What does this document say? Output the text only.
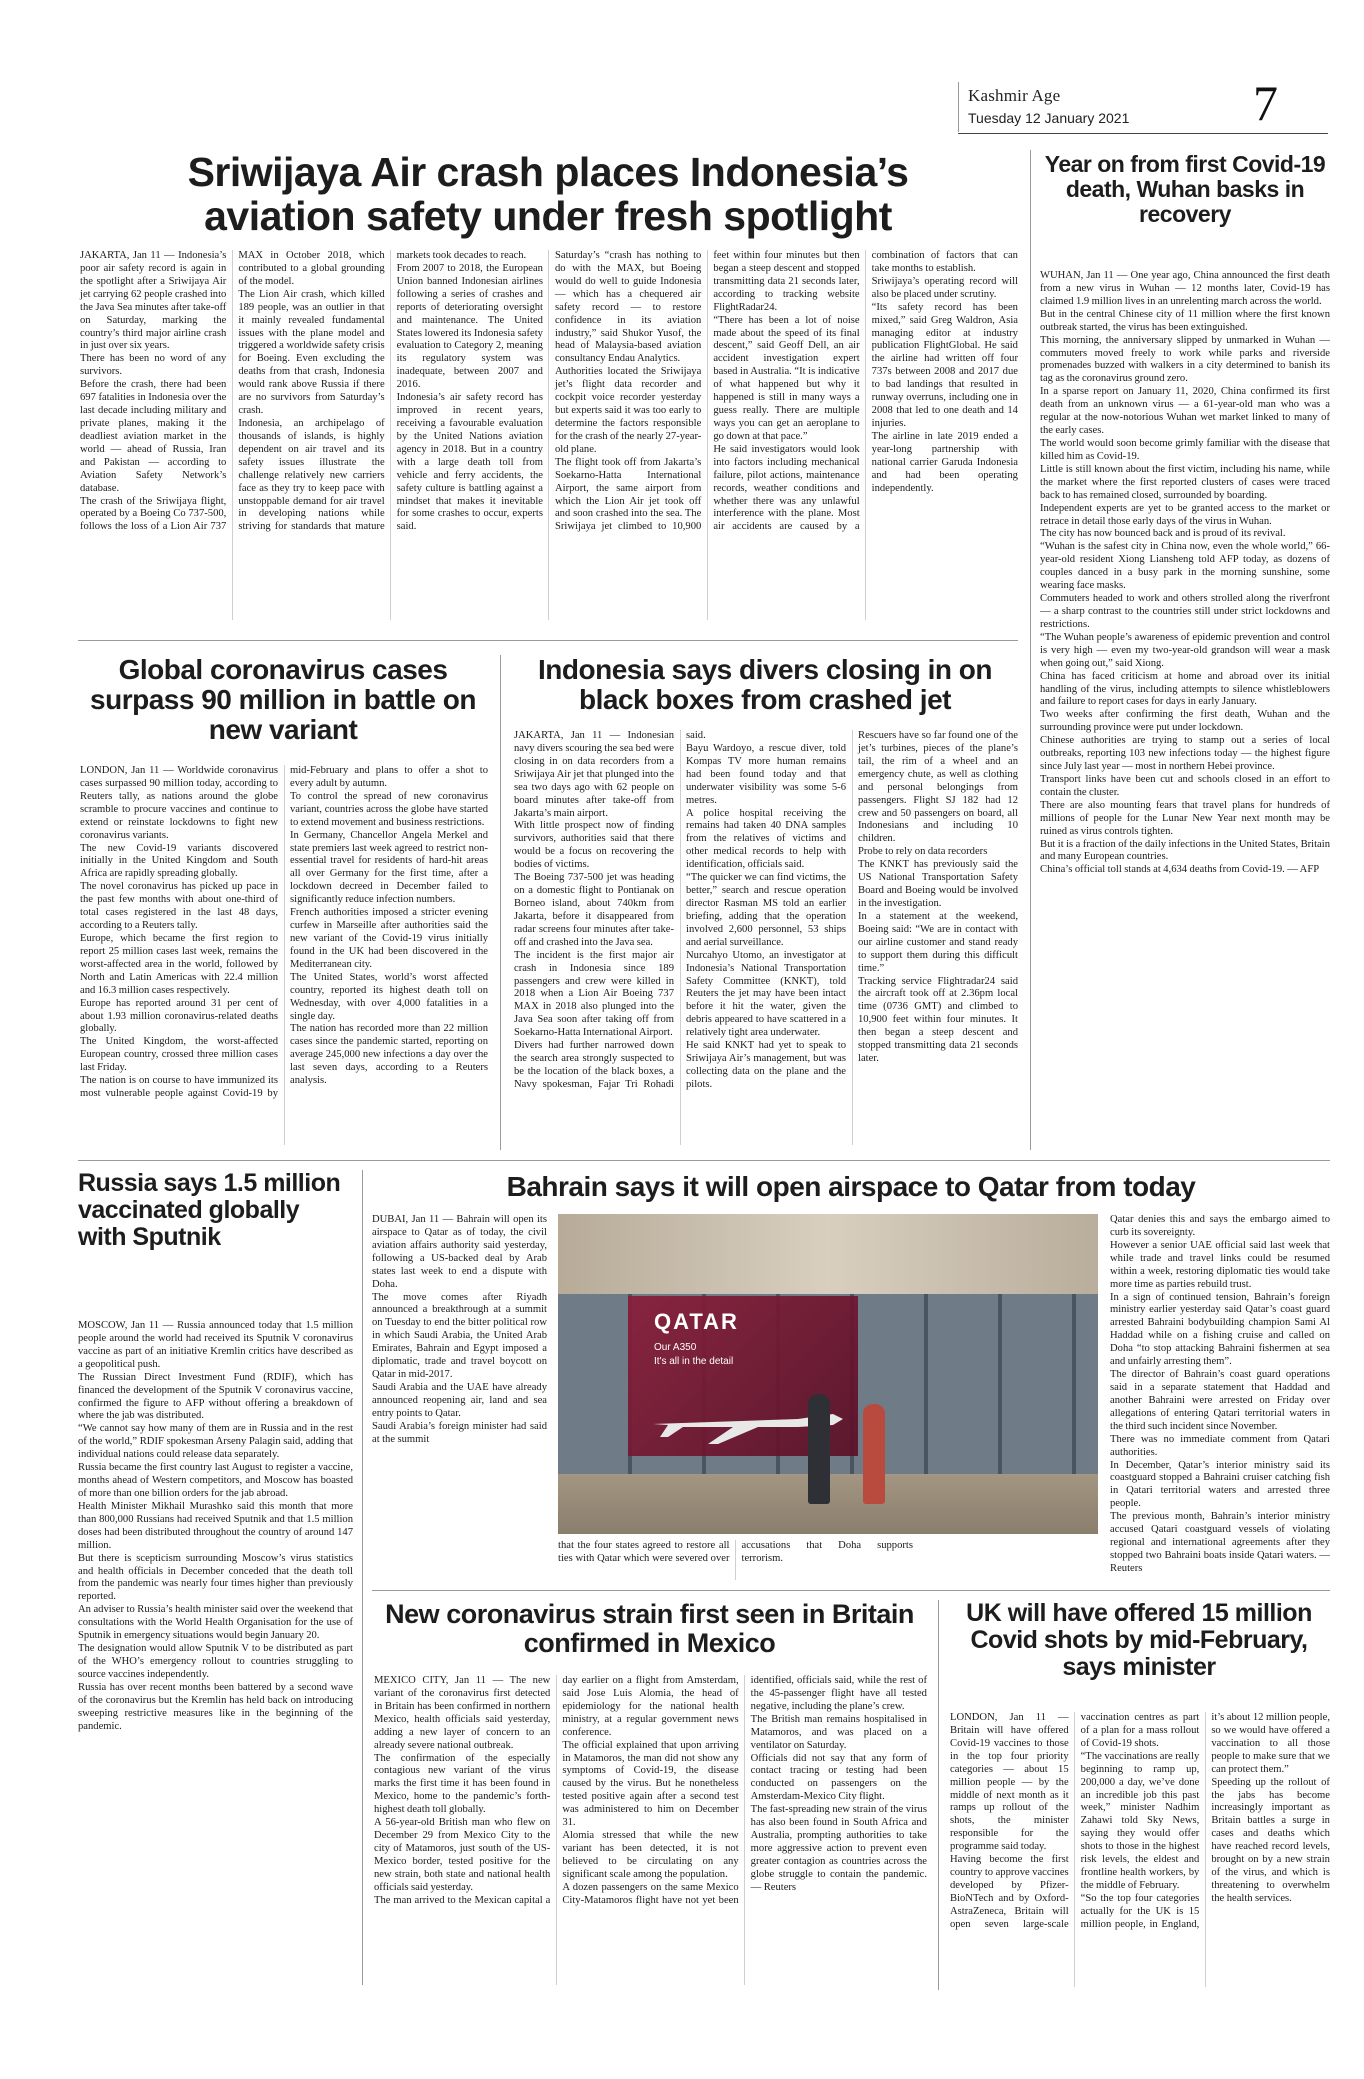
Kashmir Age
Tuesday 12 January 2021 7
Sriwijaya Air crash places Indonesia’s aviation safety under fresh spotlight
JAKARTA, Jan 11 — Indonesia’s poor air safety record is again in the spotlight after a Sriwijaya Air jet carrying 62 people crashed into the Java Sea minutes after take-off on Saturday, marking the country’s third major airline crash in just over six years.
There has been no word of any survivors.
Before the crash, there had been 697 fatalities in Indonesia over the last decade including military and private planes, making it the deadliest aviation market in the world — ahead of Russia, Iran and Pakistan — according to Aviation Safety Network’s database.
The crash of the Sriwijaya flight, operated by a Boeing Co 737-500, follows the loss of a Lion Air 737 MAX in October 2018, which contributed to a global grounding of the model.
The Lion Air crash, which killed 189 people, was an outlier in that it mainly revealed fundamental issues with the plane model and triggered a worldwide safety crisis for Boeing. Even excluding the deaths from that crash, Indonesia would rank above Russia if there are no survivors from Saturday’s crash.
Indonesia, an archipelago of thousands of islands, is highly dependent on air travel and its safety issues illustrate the challenge relatively new carriers face as they try to keep pace with unstoppable demand for air travel in developing nations while striving for standards that mature markets took decades to reach.
From 2007 to 2018, the European Union banned Indonesian airlines following a series of crashes and reports of deteriorating oversight and maintenance. The United States lowered its Indonesia safety evaluation to Category 2, meaning its regulatory system was inadequate, between 2007 and 2016.
Indonesia’s air safety record has improved in recent years, receiving a favourable evaluation by the United Nations aviation agency in 2018. But in a country with a large death toll from vehicle and ferry accidents, the safety culture is battling against a mindset that makes it inevitable for some crashes to occur, experts said.
Saturday’s “crash has nothing to do with the MAX, but Boeing would do well to guide Indonesia — which has a chequered air safety record — to restore confidence in its aviation industry,” said Shukor Yusof, the head of Malaysia-based aviation consultancy Endau Analytics.
Authorities located the Sriwijaya jet’s flight data recorder and cockpit voice recorder yesterday but experts said it was too early to determine the factors responsible for the crash of the nearly 27-year-old plane.
The flight took off from Jakarta’s Soekarno-Hatta International Airport, the same airport from which the Lion Air jet took off and soon crashed into the sea. The Sriwijaya jet climbed to 10,900 feet within four minutes but then began a steep descent and stopped transmitting data 21 seconds later, according to tracking website FlightRadar24.
“There has been a lot of noise made about the speed of its final descent,” said Geoff Dell, an air accident investigation expert based in Australia. “It is indicative of what happened but why it happened is still in many ways a guess really. There are multiple ways you can get an aeroplane to go down at that pace.”
He said investigators would look into factors including mechanical failure, pilot actions, maintenance records, weather conditions and whether there was any unlawful interference with the plane. Most air accidents are caused by a combination of factors that can take months to establish.
Sriwijaya’s operating record will also be placed under scrutiny.
“Its safety record has been mixed,” said Greg Waldron, Asia managing editor at industry publication FlightGlobal. He said the airline had written off four 737s between 2008 and 2017 due to bad landings that resulted in runway overruns, including one in 2008 that led to one death and 14 injuries.
The airline in late 2019 ended a year-long partnership with national carrier Garuda Indonesia and had been operating independently.
Year on from first Covid-19 death, Wuhan basks in recovery
WUHAN, Jan 11 — One year ago, China announced the first death from a new virus in Wuhan — 12 months later, Covid-19 has claimed 1.9 million lives in an unrelenting march across the world.
But in the central Chinese city of 11 million where the first known outbreak started, the virus has been extinguished.
This morning, the anniversary slipped by unmarked in Wuhan — commuters moved freely to work while parks and riverside promenades buzzed with walkers in a city determined to banish its tag as the coronavirus ground zero.
In a sparse report on January 11, 2020, China confirmed its first death from an unknown virus — a 61-year-old man who was a regular at the now-notorious Wuhan wet market linked to many of the early cases.
The world would soon become grimly familiar with the disease that killed him as Covid-19.
Little is still known about the first victim, including his name, while the market where the first reported clusters of cases were traced back to has remained closed, surrounded by boarding.
Independent experts are yet to be granted access to the market or retrace in detail those early days of the virus in Wuhan.
The city has now bounced back and is proud of its revival.
“Wuhan is the safest city in China now, even the whole world,” 66-year-old resident Xiong Liansheng told AFP today, as dozens of couples danced in a busy park in the morning sunshine, some wearing face masks.
Commuters headed to work and others strolled along the riverfront — a sharp contrast to the countries still under strict lockdowns and restrictions.
“The Wuhan people’s awareness of epidemic prevention and control is very high — even my two-year-old grandson will wear a mask when going out,” said Xiong.
China has faced criticism at home and abroad over its initial handling of the virus, including attempts to silence whistleblowers and failure to report cases for days in early January.
Two weeks after confirming the first death, Wuhan and the surrounding province were put under lockdown.
Chinese authorities are trying to stamp out a series of local outbreaks, reporting 103 new infections today — the highest figure since July last year — most in northern Hebei province.
Transport links have been cut and schools closed in an effort to contain the cluster.
There are also mounting fears that travel plans for hundreds of millions of people for the Lunar New Year next month may be ruined as virus controls tighten.
But it is a fraction of the daily infections in the United States, Britain and many European countries.
China’s official toll stands at 4,634 deaths from Covid-19. — AFP
Global coronavirus cases surpass 90 million in battle on new variant
LONDON, Jan 11 — Worldwide coronavirus cases surpassed 90 million today, according to Reuters tally, as nations around the globe scramble to procure vaccines and continue to extend or reinstate lockdowns to fight new coronavirus variants.
The new Covid-19 variants discovered initially in the United Kingdom and South Africa are rapidly spreading globally.
The novel coronavirus has picked up pace in the past few months with about one-third of total cases registered in the last 48 days, according to a Reuters tally.
Europe, which became the first region to report 25 million cases last week, remains the worst-affected area in the world, followed by North and Latin Americas with 22.4 million and 16.3 million cases respectively.
Europe has reported around 31 per cent of about 1.93 million coronavirus-related deaths globally.
The United Kingdom, the worst-affected European country, crossed three million cases last Friday.
The nation is on course to have immunized its most vulnerable people against Covid-19 by mid-February and plans to offer a shot to every adult by autumn.
To control the spread of new coronavirus variant, countries across the globe have started to extend movement and business restrictions.
In Germany, Chancellor Angela Merkel and state premiers last week agreed to restrict non-essential travel for residents of hard-hit areas all over Germany for the first time, after a lockdown decreed in December failed to significantly reduce infection numbers.
French authorities imposed a stricter evening curfew in Marseille after authorities said the new variant of the Covid-19 virus initially found in the UK had been discovered in the Mediterranean city.
The United States, world’s worst affected country, reported its highest death toll on Wednesday, with over 4,000 fatalities in a single day.
The nation has recorded more than 22 million cases since the pandemic started, reporting on average 245,000 new infections a day over the last seven days, according to a Reuters analysis.
Indonesia says divers closing in on black boxes from crashed jet
JAKARTA, Jan 11 — Indonesian navy divers scouring the sea bed were closing in on data recorders from a Sriwijaya Air jet that plunged into the sea two days ago with 62 people on board minutes after take-off from Jakarta’s main airport.
With little prospect now of finding survivors, authorities said that there would be a focus on recovering the bodies of victims.
The Boeing 737-500 jet was heading on a domestic flight to Pontianak on Borneo island, about 740km from Jakarta, before it disappeared from radar screens four minutes after take-off and crashed into the Java sea.
The incident is the first major air crash in Indonesia since 189 passengers and crew were killed in 2018 when a Lion Air Boeing 737 MAX in 2018 also plunged into the Java Sea soon after taking off from Soekarno-Hatta International Airport.
Divers had further narrowed down the search area strongly suspected to be the location of the black boxes, a Navy spokesman, Fajar Tri Rohadi said.
Bayu Wardoyo, a rescue diver, told Kompas TV more human remains had been found today and that underwater visibility was some 5-6 metres.
A police hospital receiving the remains had taken 40 DNA samples from the relatives of victims and other medical records to help with identification, officials said.
“The quicker we can find victims, the better,” search and rescue operation director Rasman MS told an earlier briefing, adding that the operation involved 2,600 personnel, 53 ships and aerial surveillance.
Nurcahyo Utomo, an investigator at Indonesia’s National Transportation Safety Committee (KNKT), told Reuters the jet may have been intact before it hit the water, given the debris appeared to have scattered in a relatively tight area underwater.
He said KNKT had yet to speak to Sriwijaya Air’s management, but was collecting data on the plane and the pilots.
Rescuers have so far found one of the jet’s turbines, pieces of the plane’s tail, the rim of a wheel and an emergency chute, as well as clothing and personal belongings from passengers. Flight SJ 182 had 12 crew and 50 passengers on board, all Indonesians and including 10 children.
Probe to rely on data recorders
The KNKT has previously said the US National Transportation Safety Board and Boeing would be involved in the investigation.
In a statement at the weekend, Boeing said: “We are in contact with our airline customer and stand ready to support them during this difficult time.”
Tracking service Flightradar24 said the aircraft took off at 2.36pm local time (0736 GMT) and climbed to 10,900 feet within four minutes. It then began a steep descent and stopped transmitting data 21 seconds later.
Russia says 1.5 million vaccinated globally with Sputnik
MOSCOW, Jan 11 — Russia announced today that 1.5 million people around the world had received its Sputnik V coronavirus vaccine as part of an initiative Kremlin critics have described as a geopolitical push.
The Russian Direct Investment Fund (RDIF), which has financed the development of the Sputnik V coronavirus vaccine, confirmed the figure to AFP without offering a breakdown of where the jab was distributed.
“We cannot say how many of them are in Russia and in the rest of the world,” RDIF spokesman Arseny Palagin said, adding that individual nations could release data separately.
Russia became the first country last August to register a vaccine, months ahead of Western competitors, and Moscow has boasted of more than one billion orders for the jab abroad.
Health Minister Mikhail Murashko said this month that more than 800,000 Russians had received Sputnik and that 1.5 million doses had been distributed throughout the country of around 147 million.
But there is scepticism surrounding Moscow’s virus statistics and health officials in December conceded that the death toll from the pandemic was nearly four times higher than previously reported.
An adviser to Russia’s health minister said over the weekend that consultations with the World Health Organisation for the use of Sputnik in emergency situations would begin January 20.
The designation would allow Sputnik V to be distributed as part of the WHO’s emergency rollout to countries struggling to source vaccines independently.
Russia has over recent months been battered by a second wave of the coronavirus but the Kremlin has held back on introducing sweeping restrictive measures like in the beginning of the pandemic.
Bahrain says it will open airspace to Qatar from today
DUBAI, Jan 11 — Bahrain will open its airspace to Qatar as of today, the civil aviation affairs authority said yesterday, following a US-backed deal by Arab states last week to end a dispute with Doha.
The move comes after Riyadh announced a breakthrough at a summit on Tuesday to end the bitter political row in which Saudi Arabia, the United Arab Emirates, Bahrain and Egypt imposed a diplomatic, trade and travel boycott on Qatar in mid-2017.
Saudi Arabia and the UAE have already announced reopening air, land and sea entry points to Qatar.
Saudi Arabia’s foreign minister had said at the summit
QATAR
Our A350
It's all in the detail
that the four states agreed to restore all ties with Qatar which were severed over accusations that Doha supports terrorism.
Qatar denies this and says the embargo aimed to curb its sovereignty.
However a senior UAE official said last week that while trade and travel links could be resumed within a week, restoring diplomatic ties would take more time as parties rebuild trust.
In a sign of continued tension, Bahrain’s foreign ministry earlier yesterday said Qatar’s coast guard arrested Bahraini bodybuilding champion Sami Al Haddad while on a fishing cruise and called on Doha “to stop attacking Bahraini fishermen at sea and unfairly arresting them”.
The director of Bahrain’s coast guard operations said in a separate statement that Haddad and another Bahraini were arrested on Friday over allegations of entering Qatari territorial waters in the third such incident since November.
There was no immediate comment from Qatari authorities.
In December, Qatar’s interior ministry said its coastguard stopped a Bahraini cruiser catching fish in Qatari territorial waters and arrested three people.
The previous month, Bahrain’s interior ministry accused Qatari coastguard vessels of violating regional and international agreements after they stopped two Bahraini boats inside Qatari waters. — Reuters
New coronavirus strain first seen in Britain confirmed in Mexico
MEXICO CITY, Jan 11 — The new variant of the coronavirus first detected in Britain has been confirmed in northern Mexico, health officials said yesterday, adding a new layer of concern to an already severe national outbreak.
The confirmation of the especially contagious new variant of the virus marks the first time it has been found in Mexico, home to the pandemic’s forth-highest death toll globally.
A 56-year-old British man who flew on December 29 from Mexico City to the city of Matamoros, just south of the US-Mexico border, tested positive for the new strain, both state and national health officials said yesterday.
The man arrived to the Mexican capital a day earlier on a flight from Amsterdam, said Jose Luis Alomia, the head of epidemiology for the national health ministry, at a regular government news conference.
The official explained that upon arriving in Matamoros, the man did not show any symptoms of Covid-19, the disease caused by the virus. But he nonetheless tested positive again after a second test was administered to him on December 31.
Alomia stressed that while the new variant has been detected, it is not believed to be circulating on any significant scale among the population.
A dozen passengers on the same Mexico City-Matamoros flight have not yet been identified, officials said, while the rest of the 45-passenger flight have all tested negative, including the plane’s crew.
The British man remains hospitalised in Matamoros, and was placed on a ventilator on Saturday.
Officials did not say that any form of contact tracing or testing had been conducted on passengers on the Amsterdam-Mexico City flight.
The fast-spreading new strain of the virus has also been found in South Africa and Australia, prompting authorities to take more aggressive action to prevent even greater contagion as countries across the globe struggle to contain the pandemic. — Reuters
UK will have offered 15 million Covid shots by mid-February, says minister
LONDON, Jan 11 — Britain will have offered Covid-19 vaccines to those in the top four priority categories — about 15 million people — by the middle of next month as it ramps up rollout of the shots, the minister responsible for the programme said today.
Having become the first country to approve vaccines developed by Pfizer-BioNTech and by Oxford-AstraZeneca, Britain will open seven large-scale vaccination centres as part of a plan for a mass rollout of Covid-19 shots.
“The vaccinations are really beginning to ramp up, 200,000 a day, we’ve done an incredible job this past week,” minister Nadhim Zahawi told Sky News, saying they would offer shots to those in the highest risk levels, the eldest and frontline health workers, by the middle of February.
“So the top four categories actually for the UK is 15 million people, in England, it’s about 12 million people, so we would have offered a vaccination to all those people to make sure that we can protect them.”
Speeding up the rollout of the jabs has become increasingly important as Britain battles a surge in cases and deaths which have reached record levels, brought on by a new strain of the virus, and which is threatening to overwhelm the health services.
